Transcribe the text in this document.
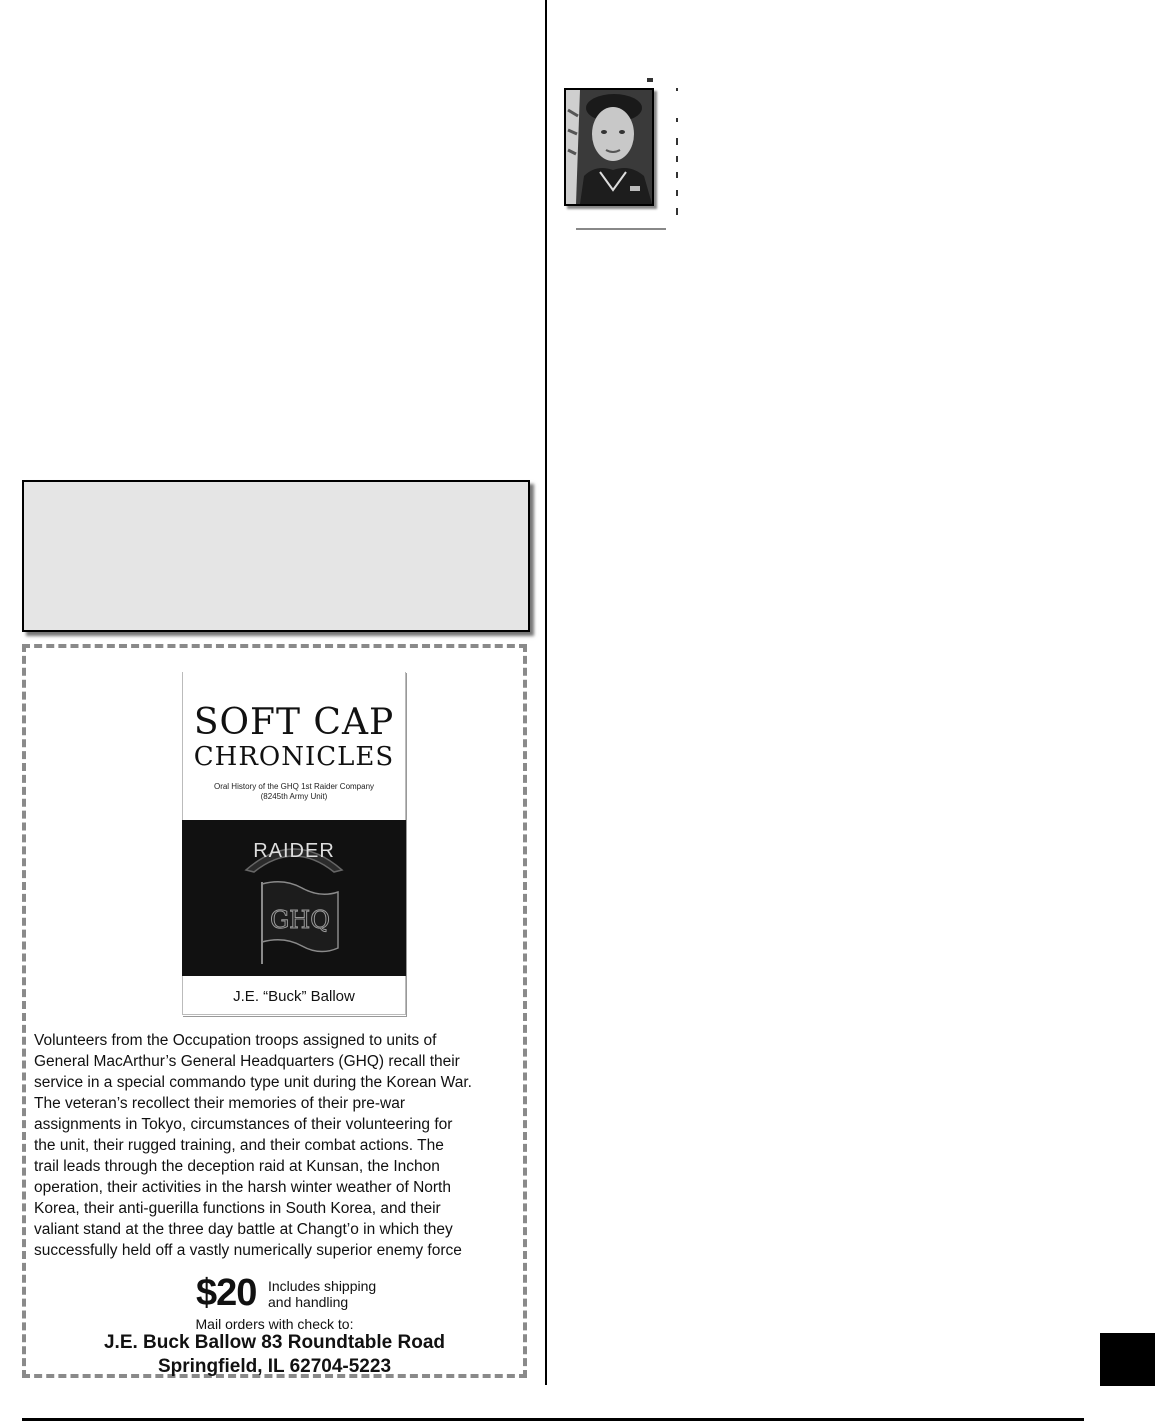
SOFT CAP
CHRONICLES
Oral History of the GHQ 1st Raider Company
(8245th Army Unit)
RAIDER
GHQ
J.E. “Buck” Ballow
Volunteers from the Occupation troops assigned to units of
General MacArthur’s General Headquarters (GHQ) recall their
service in a special commando type unit during the Korean War.
The veteran’s recollect their memories of their pre-war
assignments in Tokyo, circumstances of their volunteering for
the unit, their rugged training, and their combat actions. The
trail leads through the deception raid at Kunsan, the Inchon
operation, their activities in the harsh winter weather of North
Korea, their anti-guerilla functions in South Korea, and their
valiant stand at the three day battle at Changt’o in which they
successfully held off a vastly numerically superior enemy force
$20 Includes shipping
and handling
Mail orders with check to:
J.E. Buck Ballow 83 Roundtable Road
Springfield, IL 62704-5223
